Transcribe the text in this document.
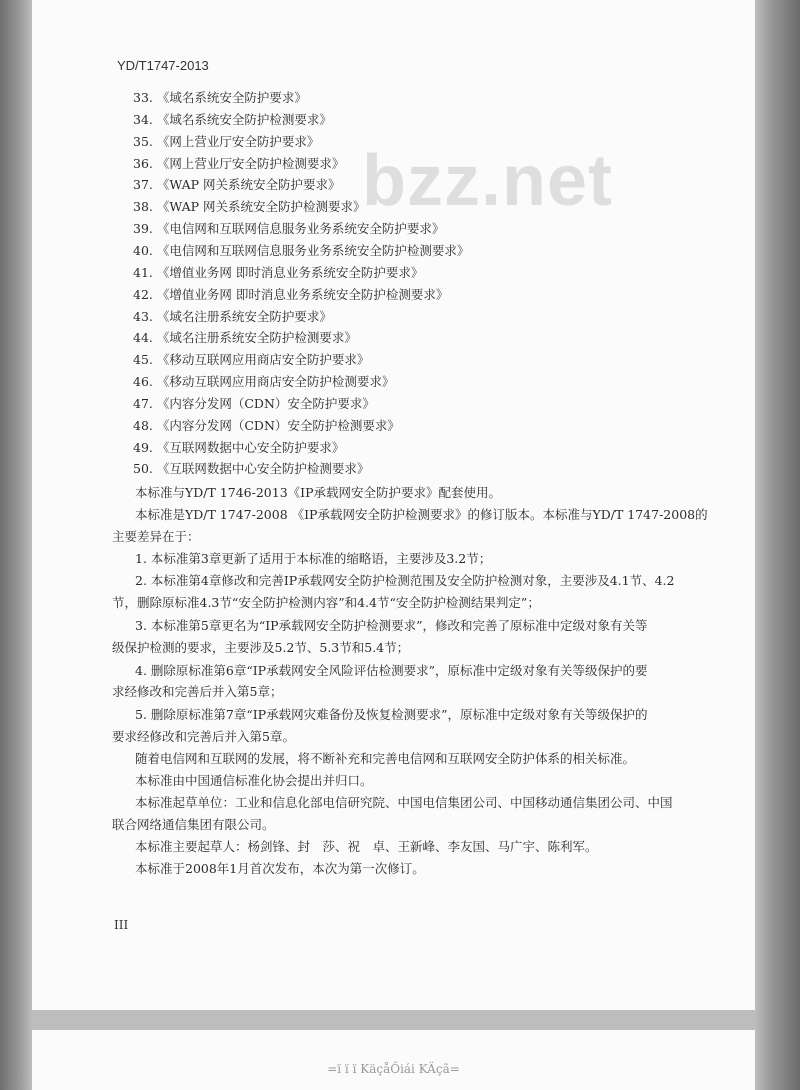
bzz.net
YD/T1747-2013
33. 《域名系统安全防护要求》
34. 《域名系统安全防护检测要求》
35. 《网上营业厅安全防护要求》
36. 《网上营业厅安全防护检测要求》
37. 《WAP 网关系统安全防护要求》
38. 《WAP 网关系统安全防护检测要求》
39. 《电信网和互联网信息服务业务系统安全防护要求》
40. 《电信网和互联网信息服务业务系统安全防护检测要求》
41. 《增值业务网 即时消息业务系统安全防护要求》
42. 《增值业务网 即时消息业务系统安全防护检测要求》
43. 《域名注册系统安全防护要求》
44. 《域名注册系统安全防护检测要求》
45. 《移动互联网应用商店安全防护要求》
46. 《移动互联网应用商店安全防护检测要求》
47. 《内容分发网（CDN）安全防护要求》
48. 《内容分发网（CDN）安全防护检测要求》
49. 《互联网数据中心安全防护要求》
50. 《互联网数据中心安全防护检测要求》
本标准与YD/T 1746-2013《IP承载网安全防护要求》配套使用。
本标准是YD/T 1747-2008 《IP承载网安全防护检测要求》的修订版本。本标准与YD/T 1747-2008的
主要差异在于：
1. 本标准第3章更新了适用于本标准的缩略语，主要涉及3.2节；
2. 本标准第4章修改和完善IP承载网安全防护检测范围及安全防护检测对象，主要涉及4.1节、4.2
节，删除原标准4.3节“安全防护检测内容”和4.4节“安全防护检测结果判定”；
3. 本标准第5章更名为“IP承载网安全防护检测要求”，修改和完善了原标准中定级对象有关等
级保护检测的要求，主要涉及5.2节、5.3节和5.4节；
4. 删除原标准第6章“IP承载网安全风险评估检测要求”，原标准中定级对象有关等级保护的要
求经修改和完善后并入第5章；
5. 删除原标准第7章“IP承载网灾难备份及恢复检测要求”，原标准中定级对象有关等级保护的
要求经修改和完善后并入第5章。
随着电信网和互联网的发展，将不断补充和完善电信网和互联网安全防护体系的相关标准。
本标准由中国通信标准化协会提出并归口。
本标准起草单位：工业和信息化部电信研究院、中国电信集团公司、中国移动通信集团公司、中国
联合网络通信集团有限公司。
本标准主要起草人：杨剑锋、封　莎、祝　卓、王新峰、李友国、马广宇、陈利军。
本标准于2008年1月首次发布，本次为第一次修订。
III
=ï ï ï KäçåŐiái KÄçã=
